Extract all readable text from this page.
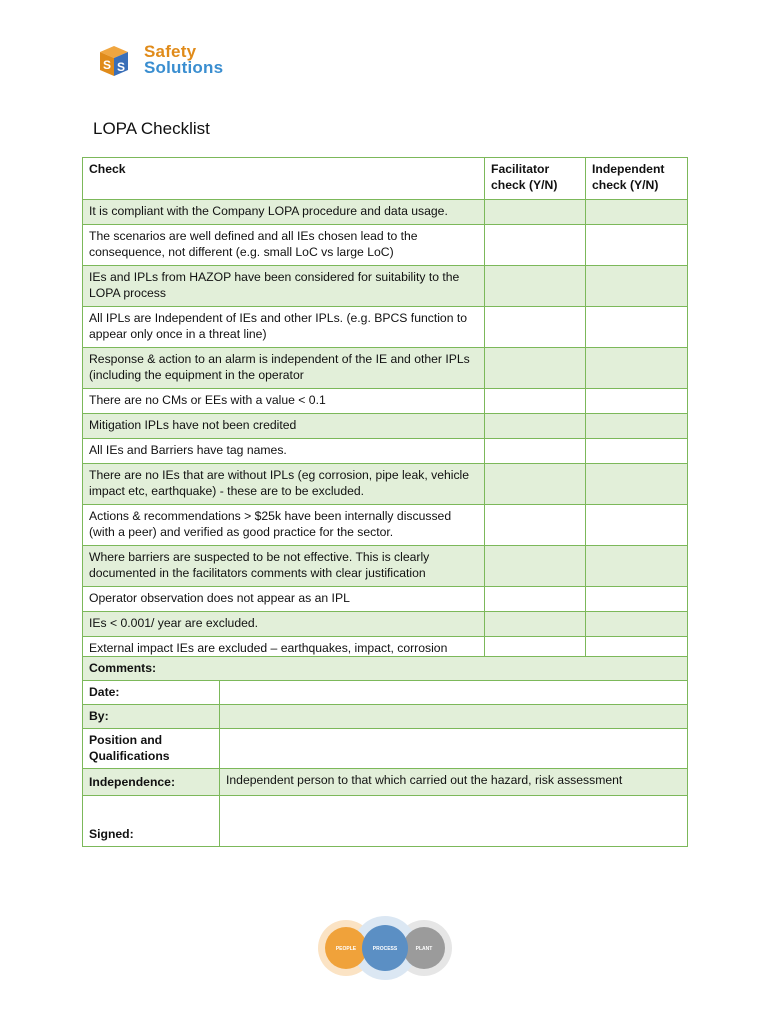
S S
Safety
Solutions
LOPA Checklist
Check	Facilitator check (Y/N)	Independent check (Y/N)
It is compliant with the Company LOPA procedure and data usage.		
The scenarios are well defined and all IEs chosen lead to the consequence, not different (e.g. small LoC vs large LoC)		
IEs and IPLs from HAZOP have been considered for suitability to the LOPA process		
All IPLs are Independent of IEs and other IPLs. (e.g. BPCS function to appear only once in a threat line)		
Response & action to an alarm is independent of the IE and other IPLs (including the equipment in the operator		
There are no CMs or EEs with a value < 0.1		
Mitigation IPLs have not been credited		
All IEs and Barriers have tag names.		
There are no IEs that are without IPLs (eg corrosion, pipe leak, vehicle impact etc, earthquake) - these are to be excluded.		
Actions & recommendations > $25k have been internally discussed (with a peer) and verified as good practice for the sector.		
Where barriers are suspected to be not effective. This is clearly documented in the facilitators comments with clear justification		
Operator observation does not appear as an IPL		
IEs < 0.001/ year are excluded.		
External impact IEs are excluded – earthquakes, impact, corrosion		
Comments:	
Date:	
By:	
Position and Qualifications	
Independence:	Independent person to that which carried out the hazard, risk assessment
Signed:	
PEOPLE	PROCESS	PLANT
